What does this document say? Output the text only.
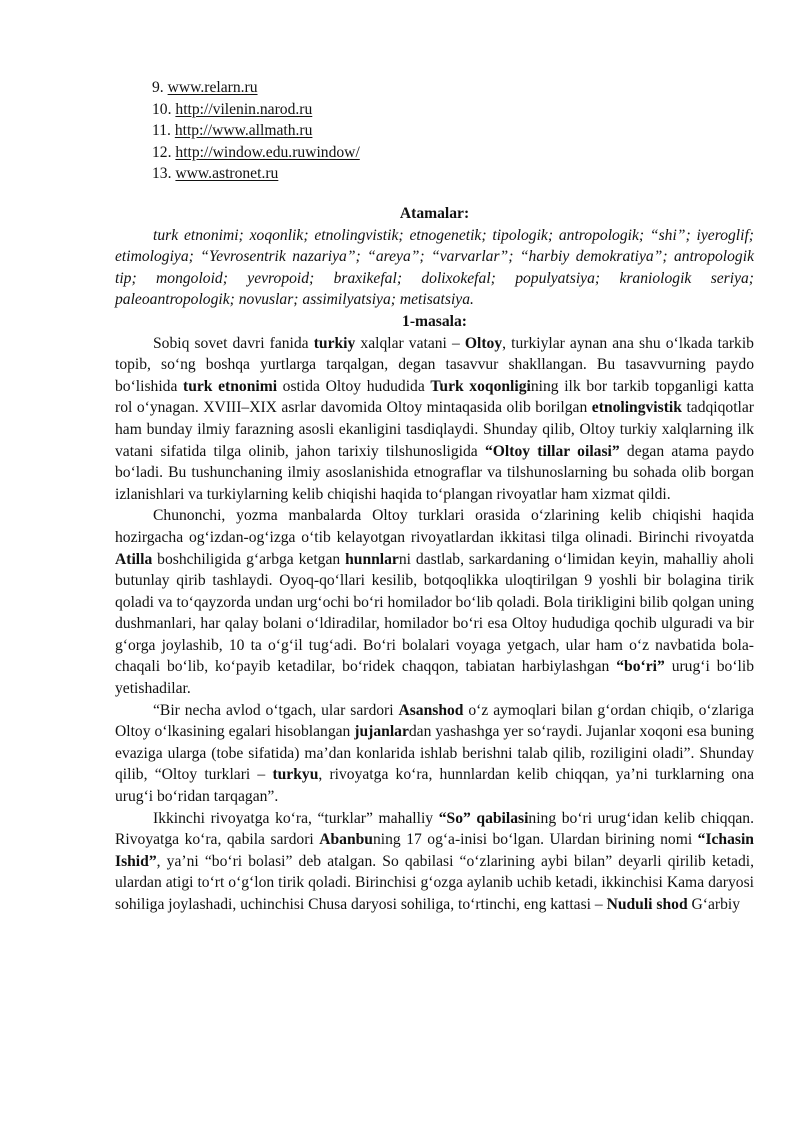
9. www.relarn.ru
10. http://vilenin.narod.ru
11. http://www.allmath.ru
12. http://window.edu.ruwindow/
13. www.astronet.ru

Atamalar:

turk etnonimi; xoqonlik; etnolingvistik; etnogenetik; tipologik; antropologik; “shi”; iyeroglif; etimologiya; “Yevrosentrik nazariya”; “areya”; “varvarlar”; “harbiy demokratiya”; antropologik tip; mongoloid; yevropoid; braxikefal; dolixokefal; populyatsiya; kraniologik seriya; paleoantropologik; novuslar; assimilyatsiya; metisatsiya.

1-masala:

Sobiq sovet davri fanida turkiy xalqlar vatani – Oltoy, turkiylar aynan ana shu o‘lkada tarkib topib, so‘ng boshqa yurtlarga tarqalgan, degan tasavvur shakllangan. Bu tasavvurning paydo bo‘lishida turk etnonimi ostida Oltoy hududida Turk xoqonligining ilk bor tarkib topganligi katta rol o‘ynagan. XVIII–XIX asrlar davomida Oltoy mintaqasida olib borilgan etnolingvistik tadqiqotlar ham bunday ilmiy farazning asosli ekanligini tasdiqlaydi. Shunday qilib, Oltoy turkiy xalqlarning ilk vatani sifatida tilga olinib, jahon tarixiy tilshunosligida “Oltoy tillar oilasi” degan atama paydo bo‘ladi. Bu tushunchaning ilmiy asoslanishida etnograflar va tilshunoslarning bu sohada olib borgan izlanishlari va turkiylarning kelib chiqishi haqida to‘plangan rivoyatlar ham xizmat qildi.

Chunonchi, yozma manbalarda Oltoy turklari orasida o‘zlarining kelib chiqishi haqida hozirgacha og‘izdan-og‘izga o‘tib kelayotgan rivoyatlardan ikkitasi tilga olinadi. Birinchi rivoyatda Atilla boshchiligida g‘arbga ketgan hunnlarni dastlab, sarkardaning o‘limidan keyin, mahalliy aholi butunlay qirib tashlaydi. Oyoq-qo‘llari kesilib, botqoqlikka uloqtirilgan 9 yoshli bir bolagina tirik qoladi va to‘qayzorda undan urg‘ochi bo‘ri homilador bo‘lib qoladi. Bola tirikligini bilib qolgan uning dushmanlari, har qalay bolani o‘ldiradilar, homilador bo‘ri esa Oltoy hududiga qochib ulguradi va bir g‘orga joylashib, 10 ta o‘g‘il tug‘adi. Bo‘ri bolalari voyaga yetgach, ular ham o‘z navbatida bola-chaqali bo‘lib, ko‘payib ketadilar, bo‘ridek chaqqon, tabiatan harbiylashgan “bo‘ri” urug‘i bo‘lib yetishadilar.

“Bir necha avlod o‘tgach, ular sardori Asanshod o‘z aymoqlari bilan g‘ordan chiqib, o‘zlariga Oltoy o‘lkasining egalari hisoblangan jujanlardan yashashga yer so‘raydi. Jujanlar xoqoni esa buning evaziga ularga (tobe sifatida) ma’dan konlarida ishlab berishni talab qilib, roziligini oladi”. Shunday qilib, “Oltoy turklari – turkyu, rivoyatga ko‘ra, hunnlardan kelib chiqqan, ya’ni turklarning ona urug‘i bo‘ridan tarqagan”.

Ikkinchi rivoyatga ko‘ra, “turklar” mahalliy “So” qabilasining bo‘ri urug‘idan kelib chiqqan. Rivoyatga ko‘ra, qabila sardori Abanbuning 17 og‘a-inisi bo‘lgan. Ulardan birining nomi “Ichasin Ishid”, ya’ni “bo‘ri bolasi” deb atalgan. So qabilasi “o‘zlarining aybi bilan” deyarli qirilib ketadi, ulardan atigi to‘rt o‘g‘lon tirik qoladi. Birinchisi g‘ozga aylanib uchib ketadi, ikkinchisi Kama daryosi sohiliga joylashadi, uchinchisi Chusa daryosi sohiliga, to‘rtinchi, eng kattasi – Nuduli shod G‘arbiy
